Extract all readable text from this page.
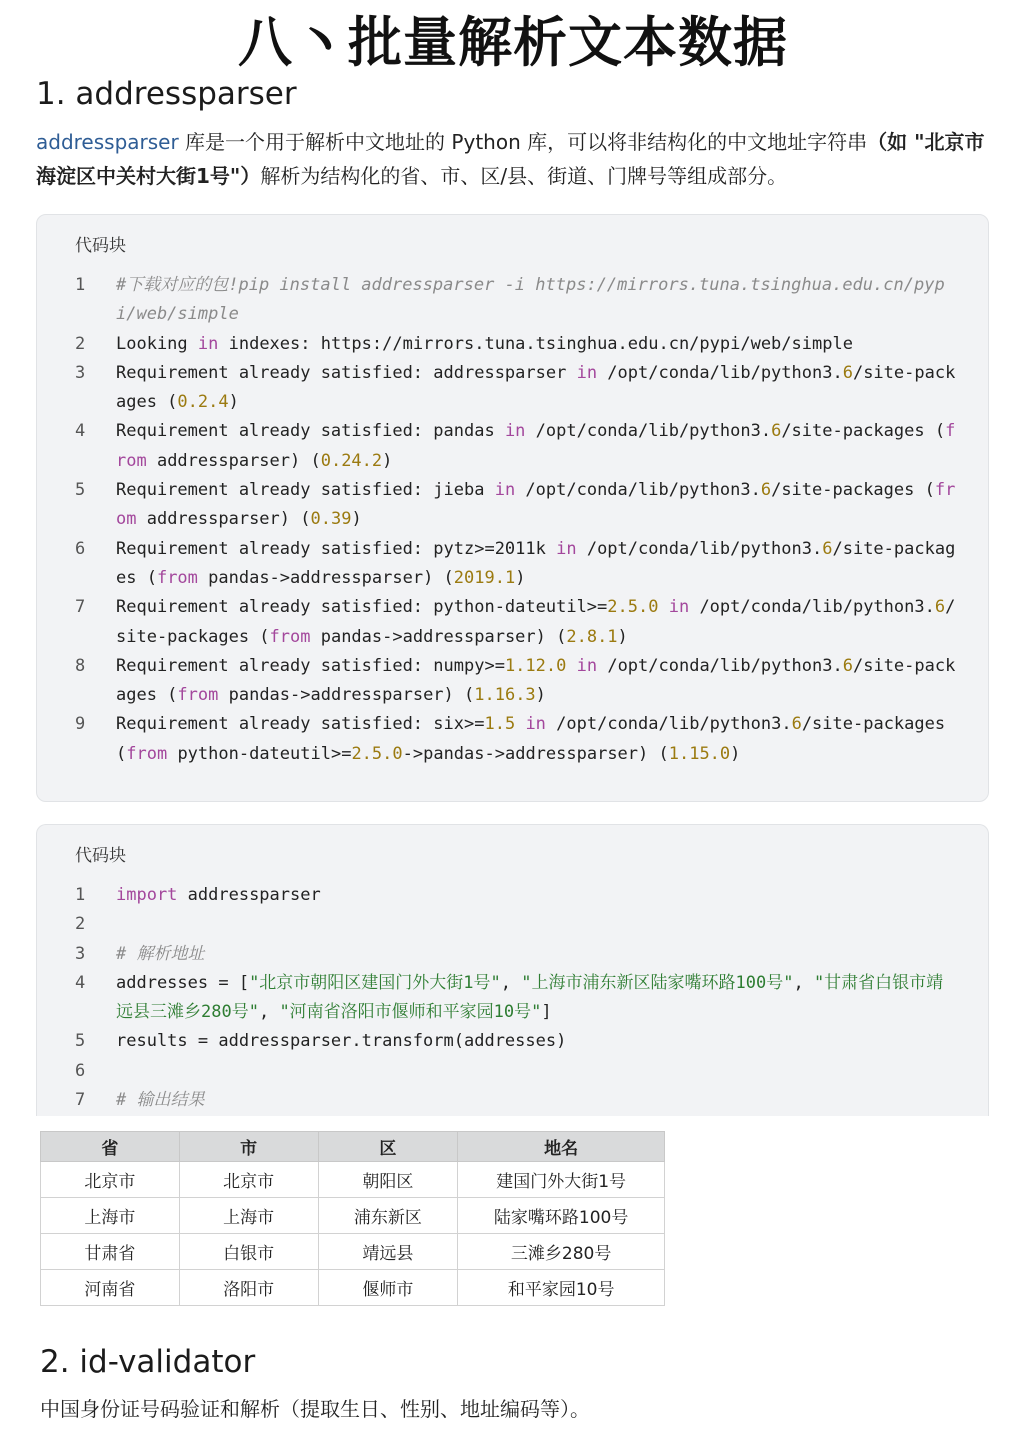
八丶批量解析文本数据
1. addressparser
addressparser 库是一个用于解析中文地址的 Python 库，可以将非结构化的中文地址字符串（如 "北京市海淀区中关村大街1号"）解析为结构化的省、市、区/县、街道、门牌号等组成部分。
代码块
1	#下载对应的包!pip install addressparser -i https://mirrors.tuna.tsinghua.edu.cn/pypi/web/simple
2	Looking in indexes: https://mirrors.tuna.tsinghua.edu.cn/pypi/web/simple
3	Requirement already satisfied: addressparser in /opt/conda/lib/python3.6/site-packages (0.2.4)
4	Requirement already satisfied: pandas in /opt/conda/lib/python3.6/site-packages (from addressparser) (0.24.2)
5	Requirement already satisfied: jieba in /opt/conda/lib/python3.6/site-packages (from addressparser) (0.39)
6	Requirement already satisfied: pytz>=2011k in /opt/conda/lib/python3.6/site-packages (from pandas->addressparser) (2019.1)
7	Requirement already satisfied: python-dateutil>=2.5.0 in /opt/conda/lib/python3.6/site-packages (from pandas->addressparser) (2.8.1)
8	Requirement already satisfied: numpy>=1.12.0 in /opt/conda/lib/python3.6/site-packages (from pandas->addressparser) (1.16.3)
9	Requirement already satisfied: six>=1.5 in /opt/conda/lib/python3.6/site-packages (from python-dateutil>=2.5.0->pandas->addressparser) (1.15.0)
代码块
1	import addressparser
2
3	# 解析地址
4	addresses = ["北京市朝阳区建国门外大街1号", "上海市浦东新区陆家嘴环路100号", "甘肃省白银市靖远县三滩乡280号", "河南省洛阳市偃师和平家园10号"]
5	results = addressparser.transform(addresses)
6
7	# 输出结果
省	市	区	地名
北京市	北京市	朝阳区	建国门外大街1号
上海市	上海市	浦东新区	陆家嘴环路100号
甘肃省	白银市	靖远县	三滩乡280号
河南省	洛阳市	偃师市	和平家园10号
2. id-validator
中国身份证号码验证和解析（提取生日、性别、地址编码等）。
